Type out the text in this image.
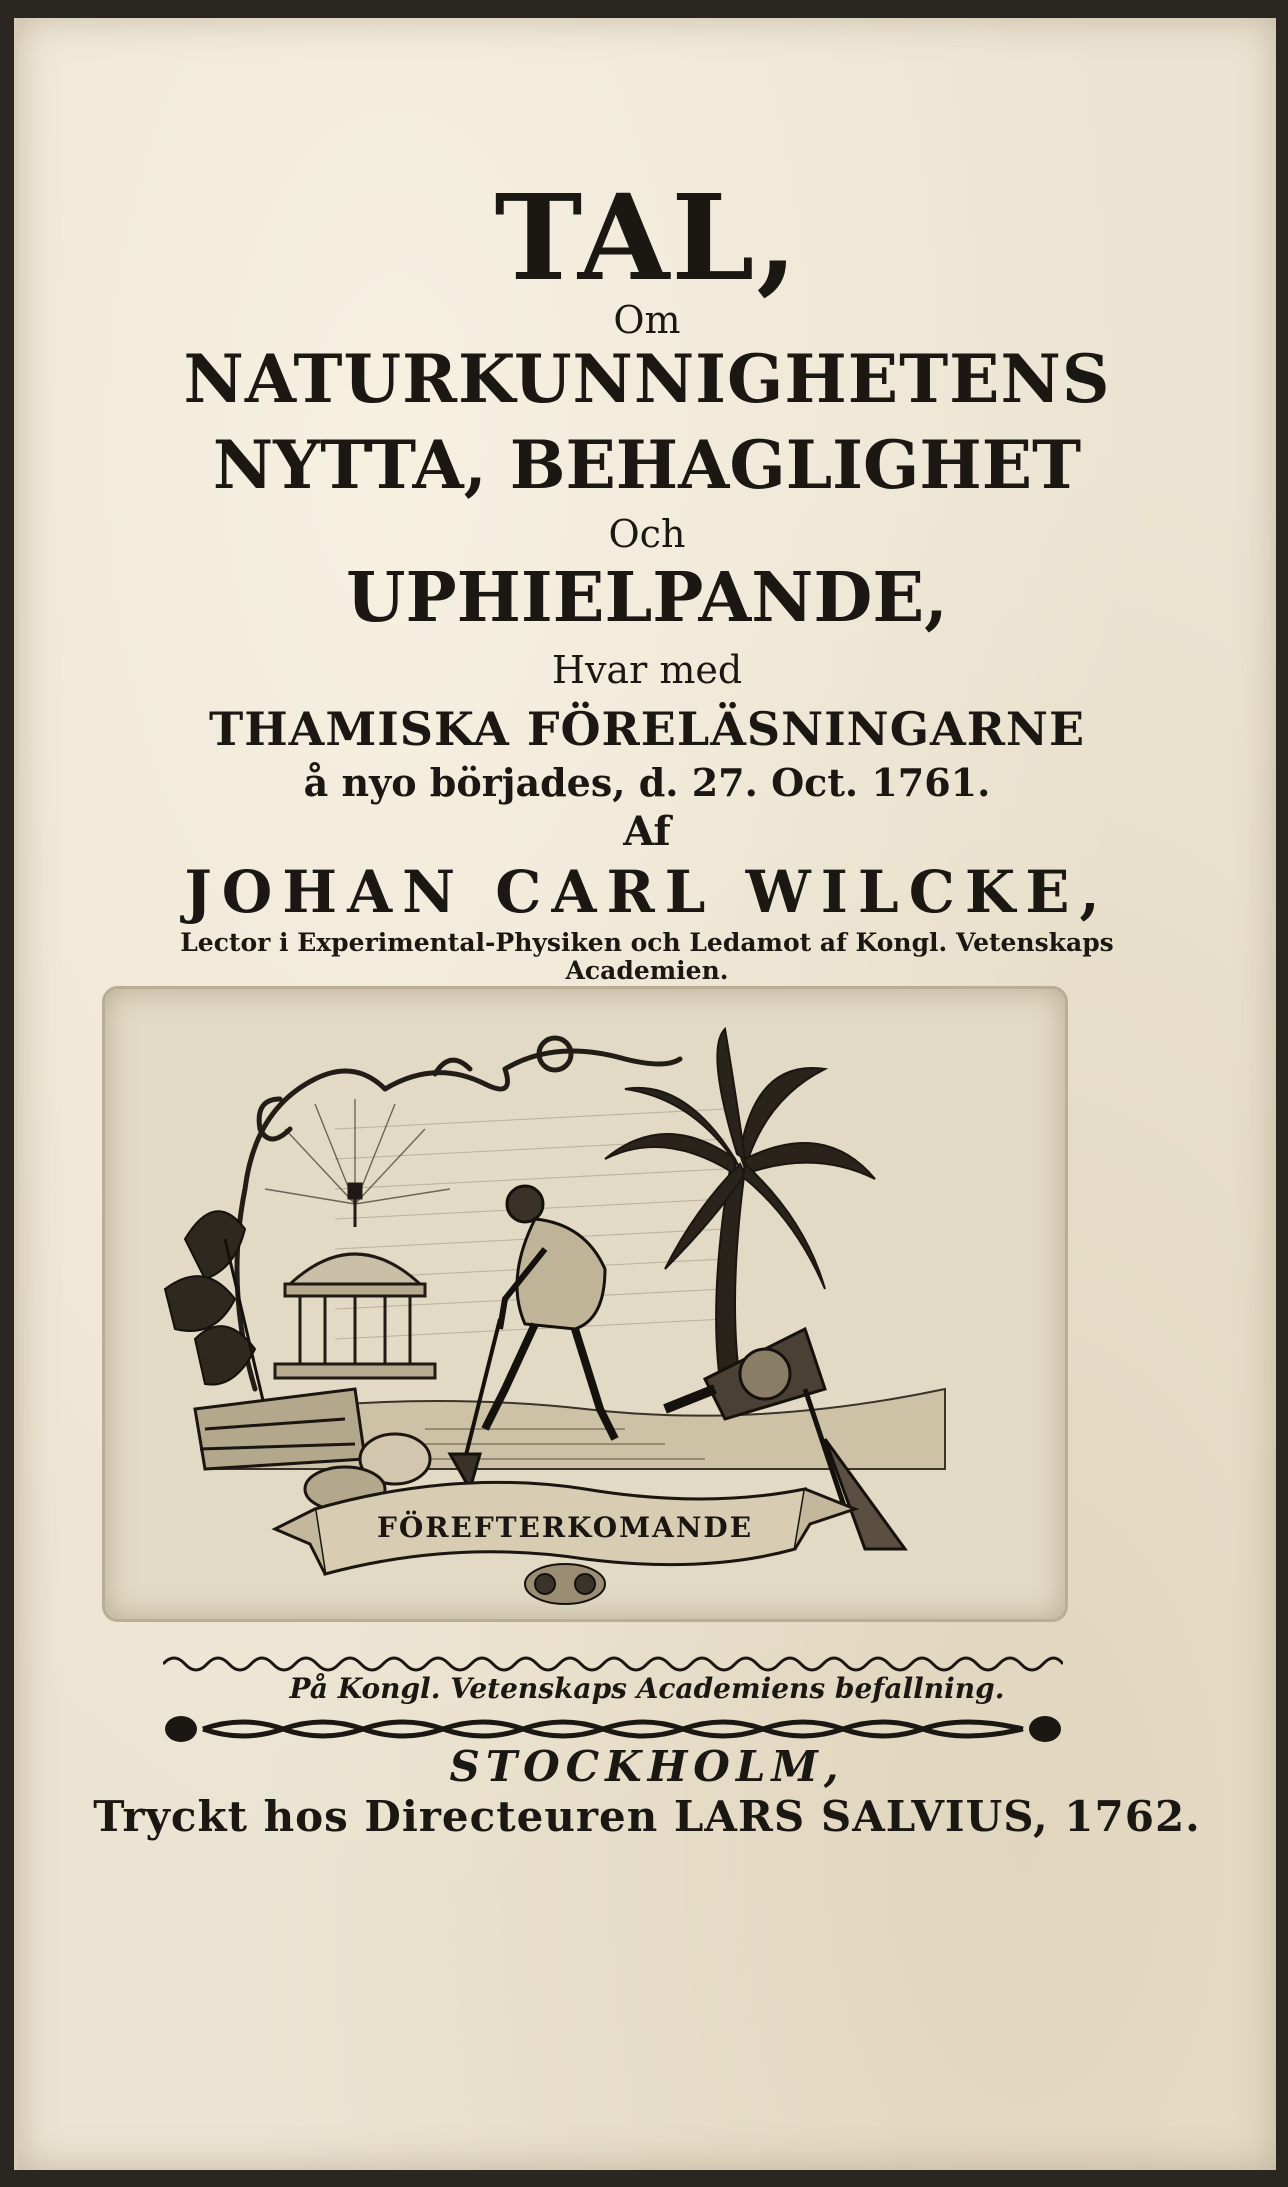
TAL,
Om
NATURKUNNIGHETENS
NYTTA, BEHAGLIGHET
Och
UPHIELPANDE,
Hvar med
THAMISKA FÖRELÄSNINGARNE
å nyo börjades, d. 27. Oct. 1761.
Af
JOHAN CARL WILCKE,
Lector i Experimental-Physiken och Ledamot af Kongl. Vetenskaps
Academien.
FÖREFTERKOMANDE
På Kongl. Vetenskaps Academiens befallning.
STOCKHOLM,
Tryckt hos Directeuren LARS SALVIUS, 1762.
